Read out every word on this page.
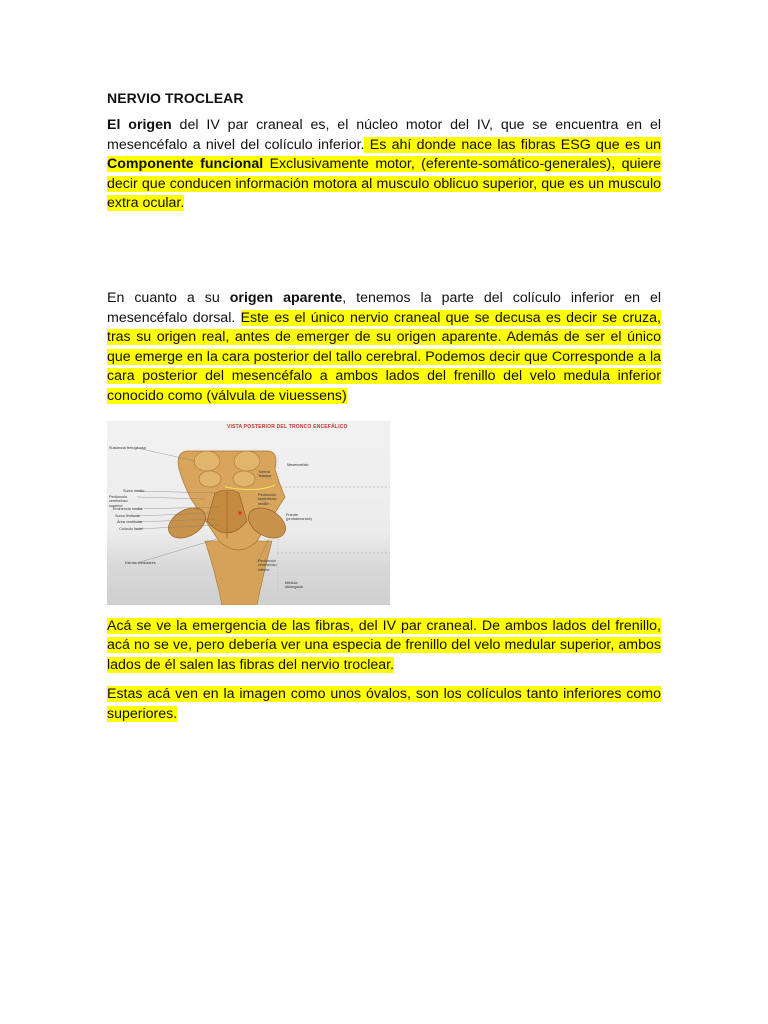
NERVIO TROCLEAR

El origen del IV par craneal es, el núcleo motor del IV, que se encuentra en el mesencéfalo a nivel del colículo inferior. Es ahí donde nace las fibras ESG que es un Componente funcional Exclusivamente motor, (eferente-somático-generales), quiere decir que conducen información motora al musculo oblicuo superior, que es un musculo extra ocular.

En cuanto a su origen aparente, tenemos la parte del colículo inferior en el mesencéfalo dorsal. Este es el único nervio craneal que se decusa es decir se cruza, tras su origen real, antes de emerger de su origen aparente. Además de ser el único que emerge en la cara posterior del tallo cerebral. Podemos decir que Corresponde a la cara posterior del mesencéfalo a ambos lados del frenillo del velo medula inferior conocido como (válvula de viuessens)

VISTA POSTERIOR DEL TRONCO ENCEFÁLICO
Sustancia ferruginosa
Surco medio
Pedúnculo cerebeloso superior
Eminencia media
Surco limitante
Área vestibular
Colículo facial
Estrías medulares
Nervio troclear
Pedúnculo cerebeloso medio
Pedúnculo cerebeloso inferior
Mesencéfalo
Puente (protuberancia)
Médula oblongada

Acá se ve la emergencia de las fibras, del IV par craneal. De ambos lados del frenillo, acá no se ve, pero debería ver una especia de frenillo del velo medular superior, ambos lados de él salen las fibras del nervio troclear.

Estas acá ven en la imagen como unos óvalos, son los colículos tanto inferiores como superiores.
